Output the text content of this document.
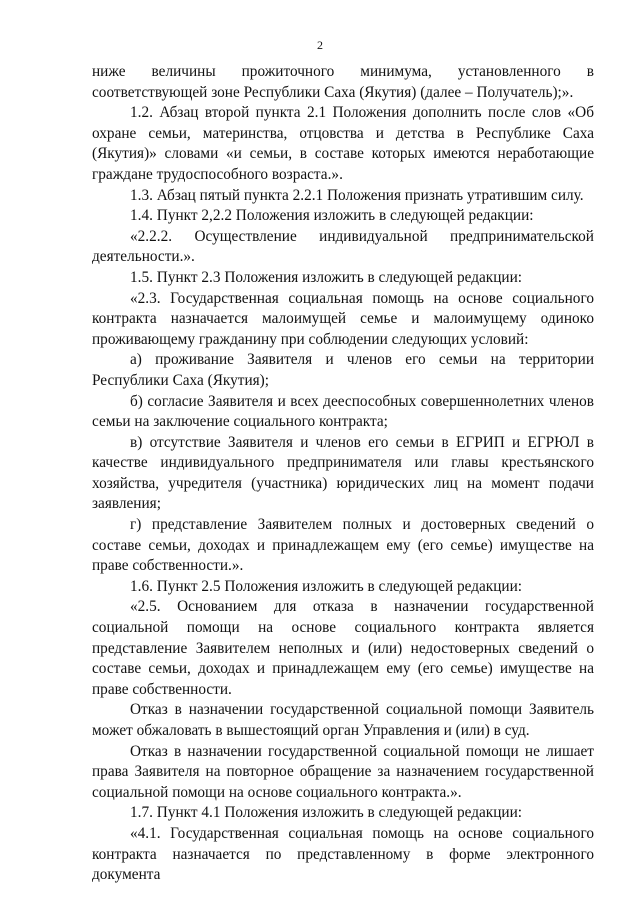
2

ниже величины прожиточного минимума, установленного в соответствующей зоне Республики Саха (Якутия) (далее – Получатель);».

1.2. Абзац второй пункта 2.1 Положения дополнить после слов «Об охране семьи, материнства, отцовства и детства в Республике Саха (Якутия)» словами «и семьи, в составе которых имеются неработающие граждане трудоспособного возраста.».

1.3. Абзац пятый пункта 2.2.1 Положения признать утратившим силу.

1.4. Пункт 2,2.2 Положения изложить в следующей редакции:

«2.2.2. Осуществление индивидуальной предпринимательской деятельности.».

1.5. Пункт 2.3 Положения изложить в следующей редакции:

«2.3. Государственная социальная помощь на основе социального контракта назначается малоимущей семье и малоимущему одиноко проживающему гражданину при соблюдении следующих условий:

а) проживание Заявителя и членов его семьи на территории Республики Саха (Якутия);

б) согласие Заявителя и всех дееспособных совершеннолетних членов семьи на заключение социального контракта;

в) отсутствие Заявителя и членов его семьи в ЕГРИП и ЕГРЮЛ в качестве индивидуального предпринимателя или главы крестьянского хозяйства, учредителя (участника) юридических лиц на момент подачи заявления;

г) представление Заявителем полных и достоверных сведений о составе семьи, доходах и принадлежащем ему (его семье) имуществе на праве собственности.».

1.6. Пункт 2.5 Положения изложить в следующей редакции:

«2.5. Основанием для отказа в назначении государственной социальной помощи на основе социального контракта является представление Заявителем неполных и (или) недостоверных сведений о составе семьи, доходах и принадлежащем ему (его семье) имуществе на праве собственности.

Отказ в назначении государственной социальной помощи Заявитель может обжаловать в вышестоящий орган Управления и (или) в суд.

Отказ в назначении государственной социальной помощи не лишает права Заявителя на повторное обращение за назначением государственной социальной помощи на основе социального контракта.».

1.7. Пункт 4.1 Положения изложить в следующей редакции:

«4.1. Государственная социальная помощь на основе социального контракта назначается по представленному в форме электронного документа
